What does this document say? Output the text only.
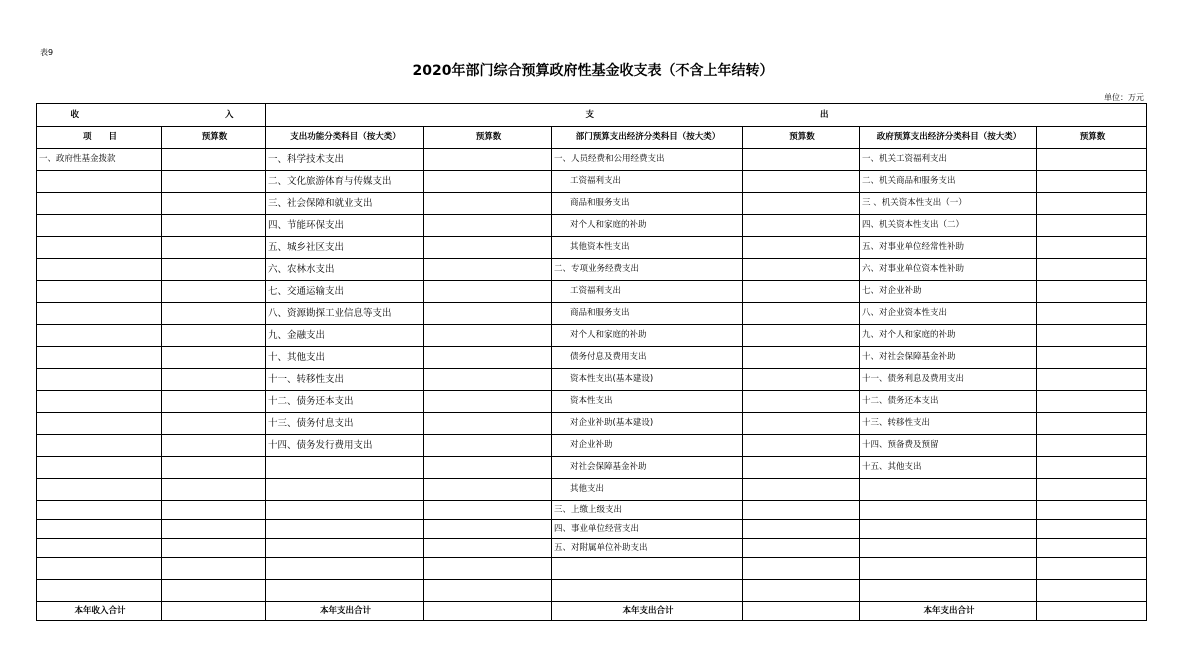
表9
2020年部门综合预算政府性基金收支表（不含上年结转）
单位：万元
收 入		支 出					
项　　目	预算数	支出功能分类科目（按大类）	预算数	部门预算支出经济分类科目（按大类）	预算数	政府预算支出经济分类科目（按大类）	预算数
一、政府性基金拨款		一、科学技术支出		一、人员经费和公用经费支出		一、机关工资福利支出	
		二、文化旅游体育与传媒支出		工资福利支出		二、机关商品和服务支出	
		三、社会保障和就业支出		商品和服务支出		三 、机关资本性支出（一）	
		四、节能环保支出		对个人和家庭的补助		四、机关资本性支出（二）	
		五、城乡社区支出		其他资本性支出		五、对事业单位经常性补助	
		六、农林水支出		二、专项业务经费支出		六、对事业单位资本性补助	
		七、交通运输支出		工资福利支出		七、对企业补助	
		八、资源勘探工业信息等支出		商品和服务支出		八、对企业资本性支出	
		九、金融支出		对个人和家庭的补助		九、对个人和家庭的补助	
		十、其他支出		债务付息及费用支出		十、对社会保障基金补助	
		十一、转移性支出		资本性支出(基本建设)		十一、债务利息及费用支出	
		十二、债务还本支出		资本性支出		十二、债务还本支出	
		十三、债务付息支出		对企业补助(基本建设)		十三、转移性支出	
		十四、债务发行费用支出		对企业补助		十四、预备费及预留	
				对社会保障基金补助		十五、其他支出	
				其他支出			
				三、上缴上级支出			
				四、事业单位经营支出			
				五、对附属单位补助支出			

本年收入合计		本年支出合计		本年支出合计		本年支出合计	
